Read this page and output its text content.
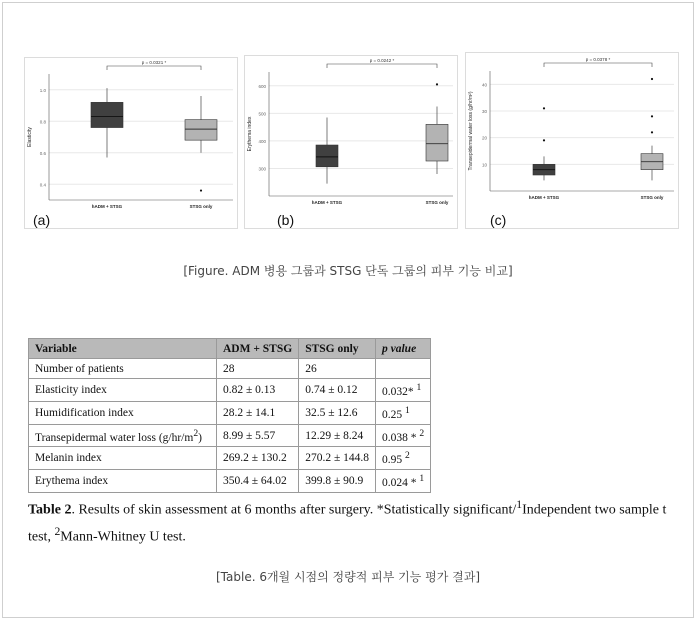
0.4
0.6
0.8
1.0
Elasticity
hADM + STSG	STSG only
p = 0.0321 *
(a)
300
400
500
600
Erythema index
hADM + STSG	STSG only
p = 0.0242 *
(b)
10
20
30
40
Transepidermal water loss (g/hr/m²)
hADM + STSG	STSG only
p = 0.0378 *
(c)
[Figure. ADM 병용 그룹과 STSG 단독 그룹의 피부 기능 비교]
Variable	ADM + STSG	STSG only	p value
Number of patients	28	26	
Elasticity index	0.82 ± 0.13	0.74 ± 0.12	0.032* $^1$
Humidification index	28.2 ± 14.1	32.5 ± 12.6	0.25 $^1$
Transepidermal water loss $(g/hr/m^2)$	8.99 ± 5.57	12.29 ± 8.24	0.038 * $^2$
Melanin index	269.2 ± 130.2	270.2 ± 144.8	0.95 $^2$
Erythema index	350.4 ± 64.02	399.8 ± 90.9	0.024 * $^1$
Table 2. Results of skin assessment at 6 months after surgery. *Statistically significant/$^1$Independent two sample t test, $^2$Mann-Whitney U test.
[Table. 6개월 시점의 정량적 피부 기능 평가 결과]
